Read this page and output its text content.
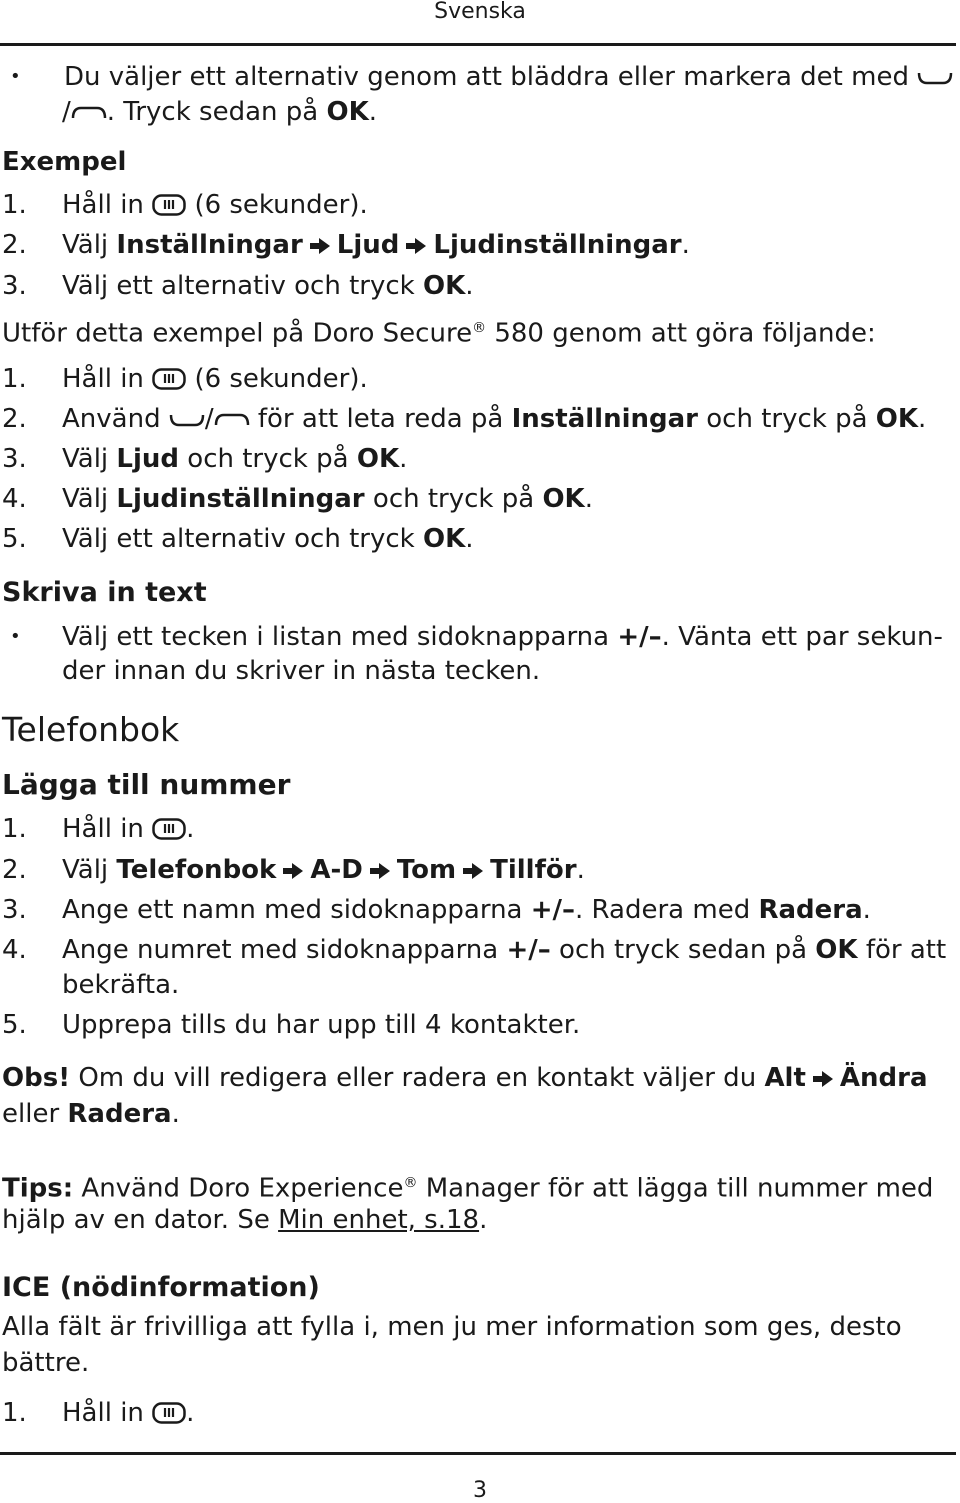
Svenska
• Du väljer ett alternativ genom att bläddra eller markera det med
/ . Tryck sedan på OK.
Exempel
1. Håll in (6 sekunder).
2. Välj Inställningar Ljud Ljudinställningar.
3. Välj ett alternativ och tryck OK.
Utför detta exempel på Doro Secure® 580 genom att göra följande:
1. Håll in (6 sekunder).
2. Använd / för att leta reda på Inställningar och tryck på OK.
3. Välj Ljud och tryck på OK.
4. Välj Ljudinställningar och tryck på OK.
5. Välj ett alternativ och tryck OK.
Skriva in text
• Välj ett tecken i listan med sidoknapparna +/–. Vänta ett par sekun-
der innan du skriver in nästa tecken.
Telefonbok
Lägga till nummer
1. Håll in .
2. Välj Telefonbok A-D Tom Tillför.
3. Ange ett namn med sidoknapparna +/–. Radera med Radera.
4. Ange numret med sidoknapparna +/– och tryck sedan på OK för att
bekräfta.
5. Upprepa tills du har upp till 4 kontakter.
Obs! Om du vill redigera eller radera en kontakt väljer du Alt Ändra
eller Radera.
Tips: Använd Doro Experience® Manager för att lägga till nummer med
hjälp av en dator. Se Min enhet, s.18.
ICE (nödinformation)
Alla fält är frivilliga att fylla i, men ju mer information som ges, desto
bättre.
1. Håll in .
3
